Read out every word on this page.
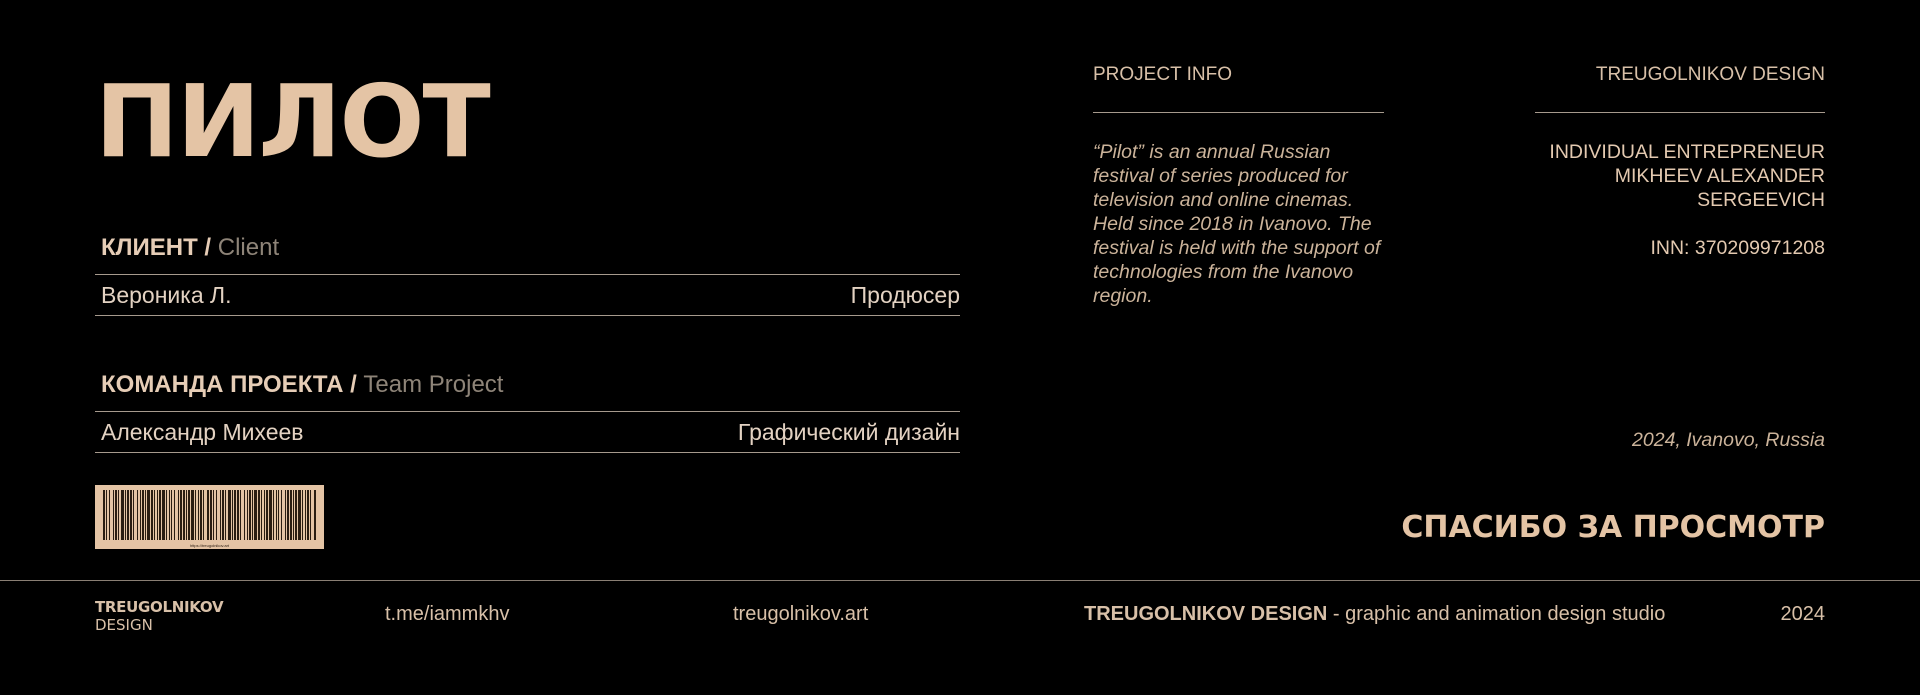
ПИЛОТ
КЛИЕНТ / Client
Вероника Л.	Продюсер
КОМАНДА ПРОЕКТА / Team Project
Александр Михеев	Графический дизайн
https://treugolnikov.art
PROJECT INFO
“Pilot” is an annual Russian festival of series produced for television and online cinemas. Held since 2018 in Ivanovo. The festival is held with the support of technologies from the Ivanovo region.
TREUGOLNIKOV DESIGN

INDIVIDUAL ENTREPRENEUR

MIKHEEV ALEXANDER

SERGEEVICH

INN: 370209971208
2024, Ivanovo, Russia
СПАСИБО ЗА ПРОСМОТР
TREUGOLNIKOV
DESIGN	t.me/iammkhv	treugolnikov.art	TREUGOLNIKOV DESIGN - graphic and animation design studio	2024
